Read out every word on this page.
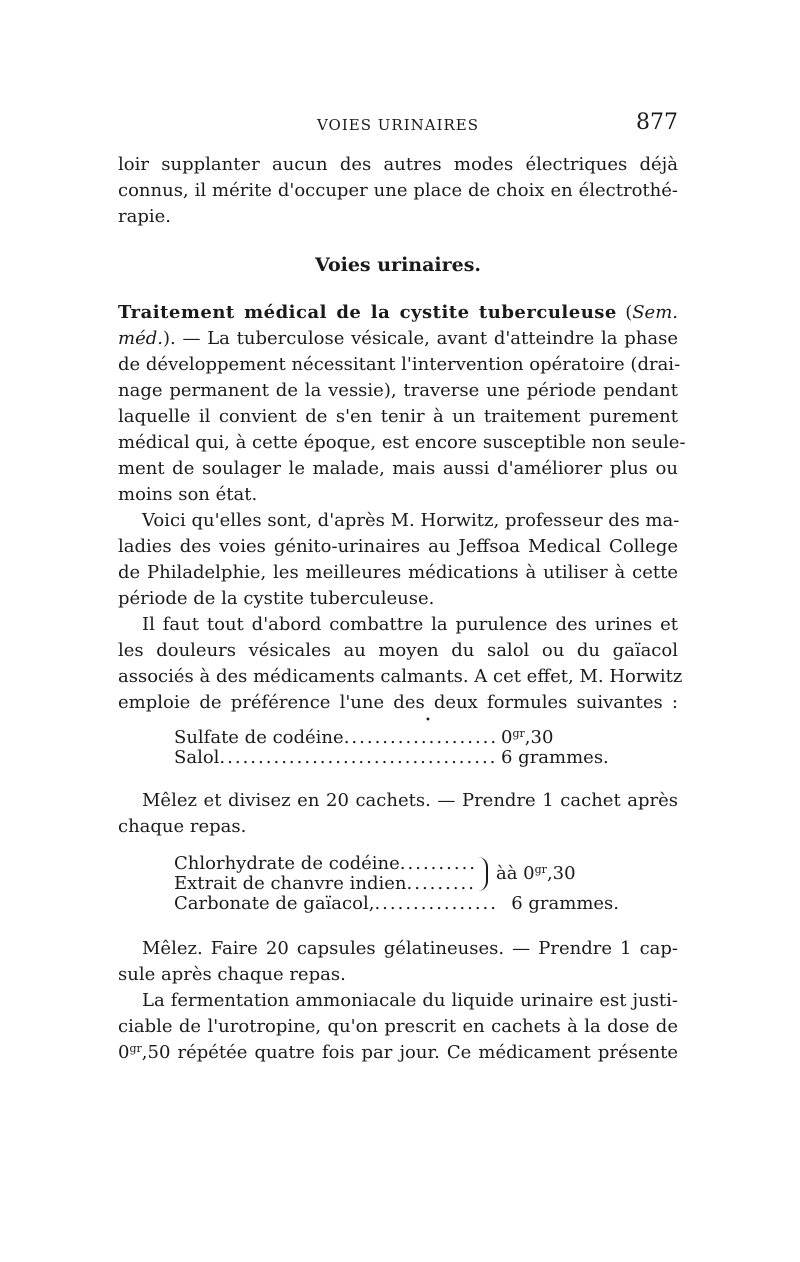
VOIES URINAIRES	877
loir supplanter aucun des autres modes électriques déjà
connus, il mérite d'occuper une place de choix en électrothé-
rapie.
Voies urinaires.
Traitement médical de la cystite tuberculeuse (Sem.
méd.). — La tuberculose vésicale, avant d'atteindre la phase
de développement nécessitant l'intervention opératoire (drai-
nage permanent de la vessie), traverse une période pendant
laquelle il convient de s'en tenir à un traitement purement
médical qui, à cette époque, est encore susceptible non seule-
ment de soulager le malade, mais aussi d'améliorer plus ou
moins son état.
Voici qu'elles sont, d'après M. Horwitz, professeur des ma-
ladies des voies génito-urinaires au Jeffsoa Medical College
de Philadelphie, les meilleures médications à utiliser à cette
période de la cystite tuberculeuse.
Il faut tout d'abord combattre la purulence des urines et
les douleurs vésicales au moyen du salol ou du gaïacol
associés à des médicaments calmants. A cet effet, M. Horwitz
emploie de préférence l'une des deux formules suivantes :
•
Sulfate de codéine .....	$0^{gr},30$
Salol .....	6 grammes.
Mêlez et divisez en 20 cachets. — Prendre 1 cachet après
chaque repas.
Chlorhydrate de codéine
.....
Extrait de chanvre indien .....	àà $0^{gr},30$
Carbonate de gaïacol, .....	6 grammes.
Mêlez. Faire 20 capsules gélatineuses. — Prendre 1 cap-
sule après chaque repas.
La fermentation ammoniacale du liquide urinaire est justi-
ciable de l'urotropine, qu'on prescrit en cachets à la dose de
$0^{gr},50$ répétée quatre fois par jour. Ce médicament présente
